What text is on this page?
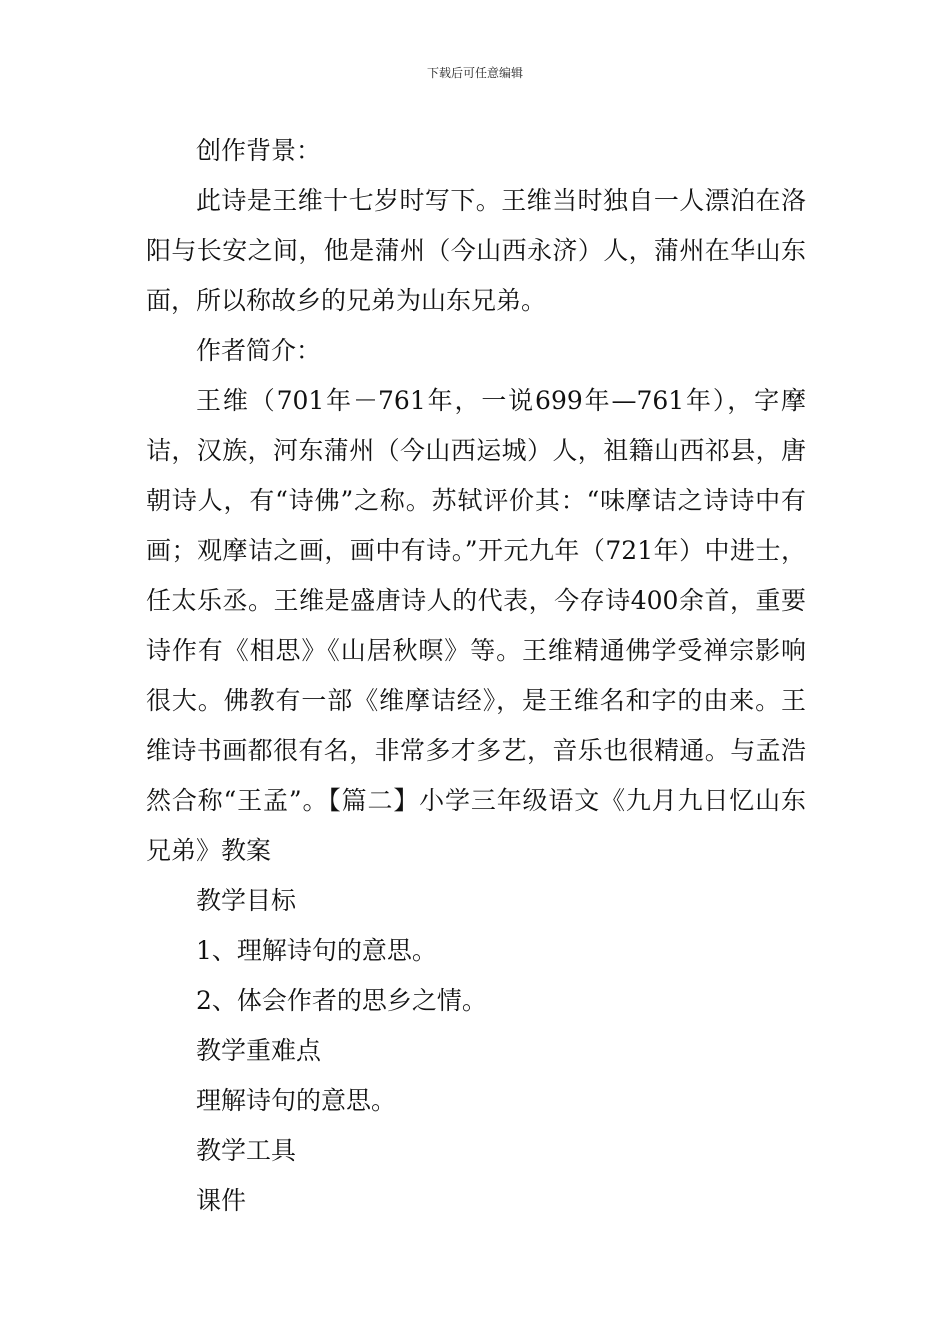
下载后可任意编辑

创作背景：

此诗是王维十七岁时写下。王维当时独自一人漂泊在洛阳与长安之间，他是蒲州（今山西永济）人，蒲州在华山东面，所以称故乡的兄弟为山东兄弟。

作者简介：

王维（701年－761年，一说699年—761年），字摩诘，汉族，河东蒲州（今山西运城）人，祖籍山西祁县，唐朝诗人，有“诗佛”之称。苏轼评价其：“味摩诘之诗诗中有画；观摩诘之画，画中有诗。”开元九年（721年）中进士，任太乐丞。王维是盛唐诗人的代表，今存诗400余首，重要诗作有《相思》《山居秋暝》等。王维精通佛学受禅宗影响很大。佛教有一部《维摩诘经》，是王维名和字的由来。王维诗书画都很有名，非常多才多艺，音乐也很精通。与孟浩然合称“王孟”。【篇二】小学三年级语文《九月九日忆山东兄弟》教案

教学目标

1、理解诗句的意思。

2、体会作者的思乡之情。

教学重难点

理解诗句的意思。

教学工具

课件
